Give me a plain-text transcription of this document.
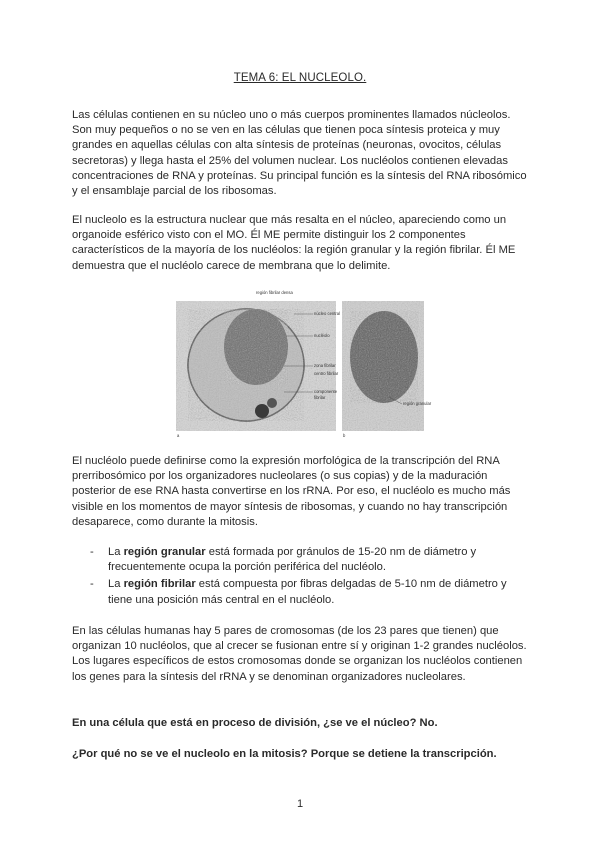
TEMA 6: EL NUCLEOLO.

Las células contienen en su núcleo uno o más cuerpos prominentes llamados núcleolos. Son muy pequeños o no se ven en las células que tienen poca síntesis proteica y muy grandes en aquellas células con alta síntesis de proteínas (neuronas, ovocitos, células secretoras) y llega hasta el 25% del volumen nuclear. Los nucléolos contienen elevadas concentraciones de RNA y proteínas. Su principal función es la síntesis del RNA ribosómico y el ensamblaje parcial de los ribosomas.

El nucleolo es la estructura nuclear que más resalta en el núcleo, apareciendo como un organoide esférico visto con el MO. Él ME permite distinguir los 2 componentes característicos de la mayoría de los nucléolos: la región granular y la región fibrilar. Él ME demuestra que el nucléolo carece de membrana que lo delimite.

región fibrilar densa
núcleo central
nucléolo
zona fibrilar
centro fibrilar
componente
fibrilar
región granular
a	b

El nucléolo puede definirse como la expresión morfológica de la transcripción del RNA prerribosómico por los organizadores nucleolares (o sus copias) y de la maduración posterior de ese RNA hasta convertirse en los rRNA. Por eso, el nucléolo es mucho más visible en los momentos de mayor síntesis de ribosomas, y cuando no hay transcripción desaparece, como durante la mitosis.

- La región granular está formada por gránulos de 15-20 nm de diámetro y frecuentemente ocupa la porción periférica del nucléolo.
- La región fibrilar está compuesta por fibras delgadas de 5-10 nm de diámetro y tiene una posición más central en el nucléolo.

En las células humanas hay 5 pares de cromosomas (de los 23 pares que tienen) que organizan 10 nucléolos, que al crecer se fusionan entre sí y originan 1-2 grandes nucléolos. Los lugares específicos de estos cromosomas donde se organizan los nucléolos contienen los genes para la síntesis del rRNA y se denominan organizadores nucleolares.

En una célula que está en proceso de división, ¿se ve el núcleo? No.

¿Por qué no se ve el nucleolo en la mitosis? Porque se detiene la transcripción.

1
